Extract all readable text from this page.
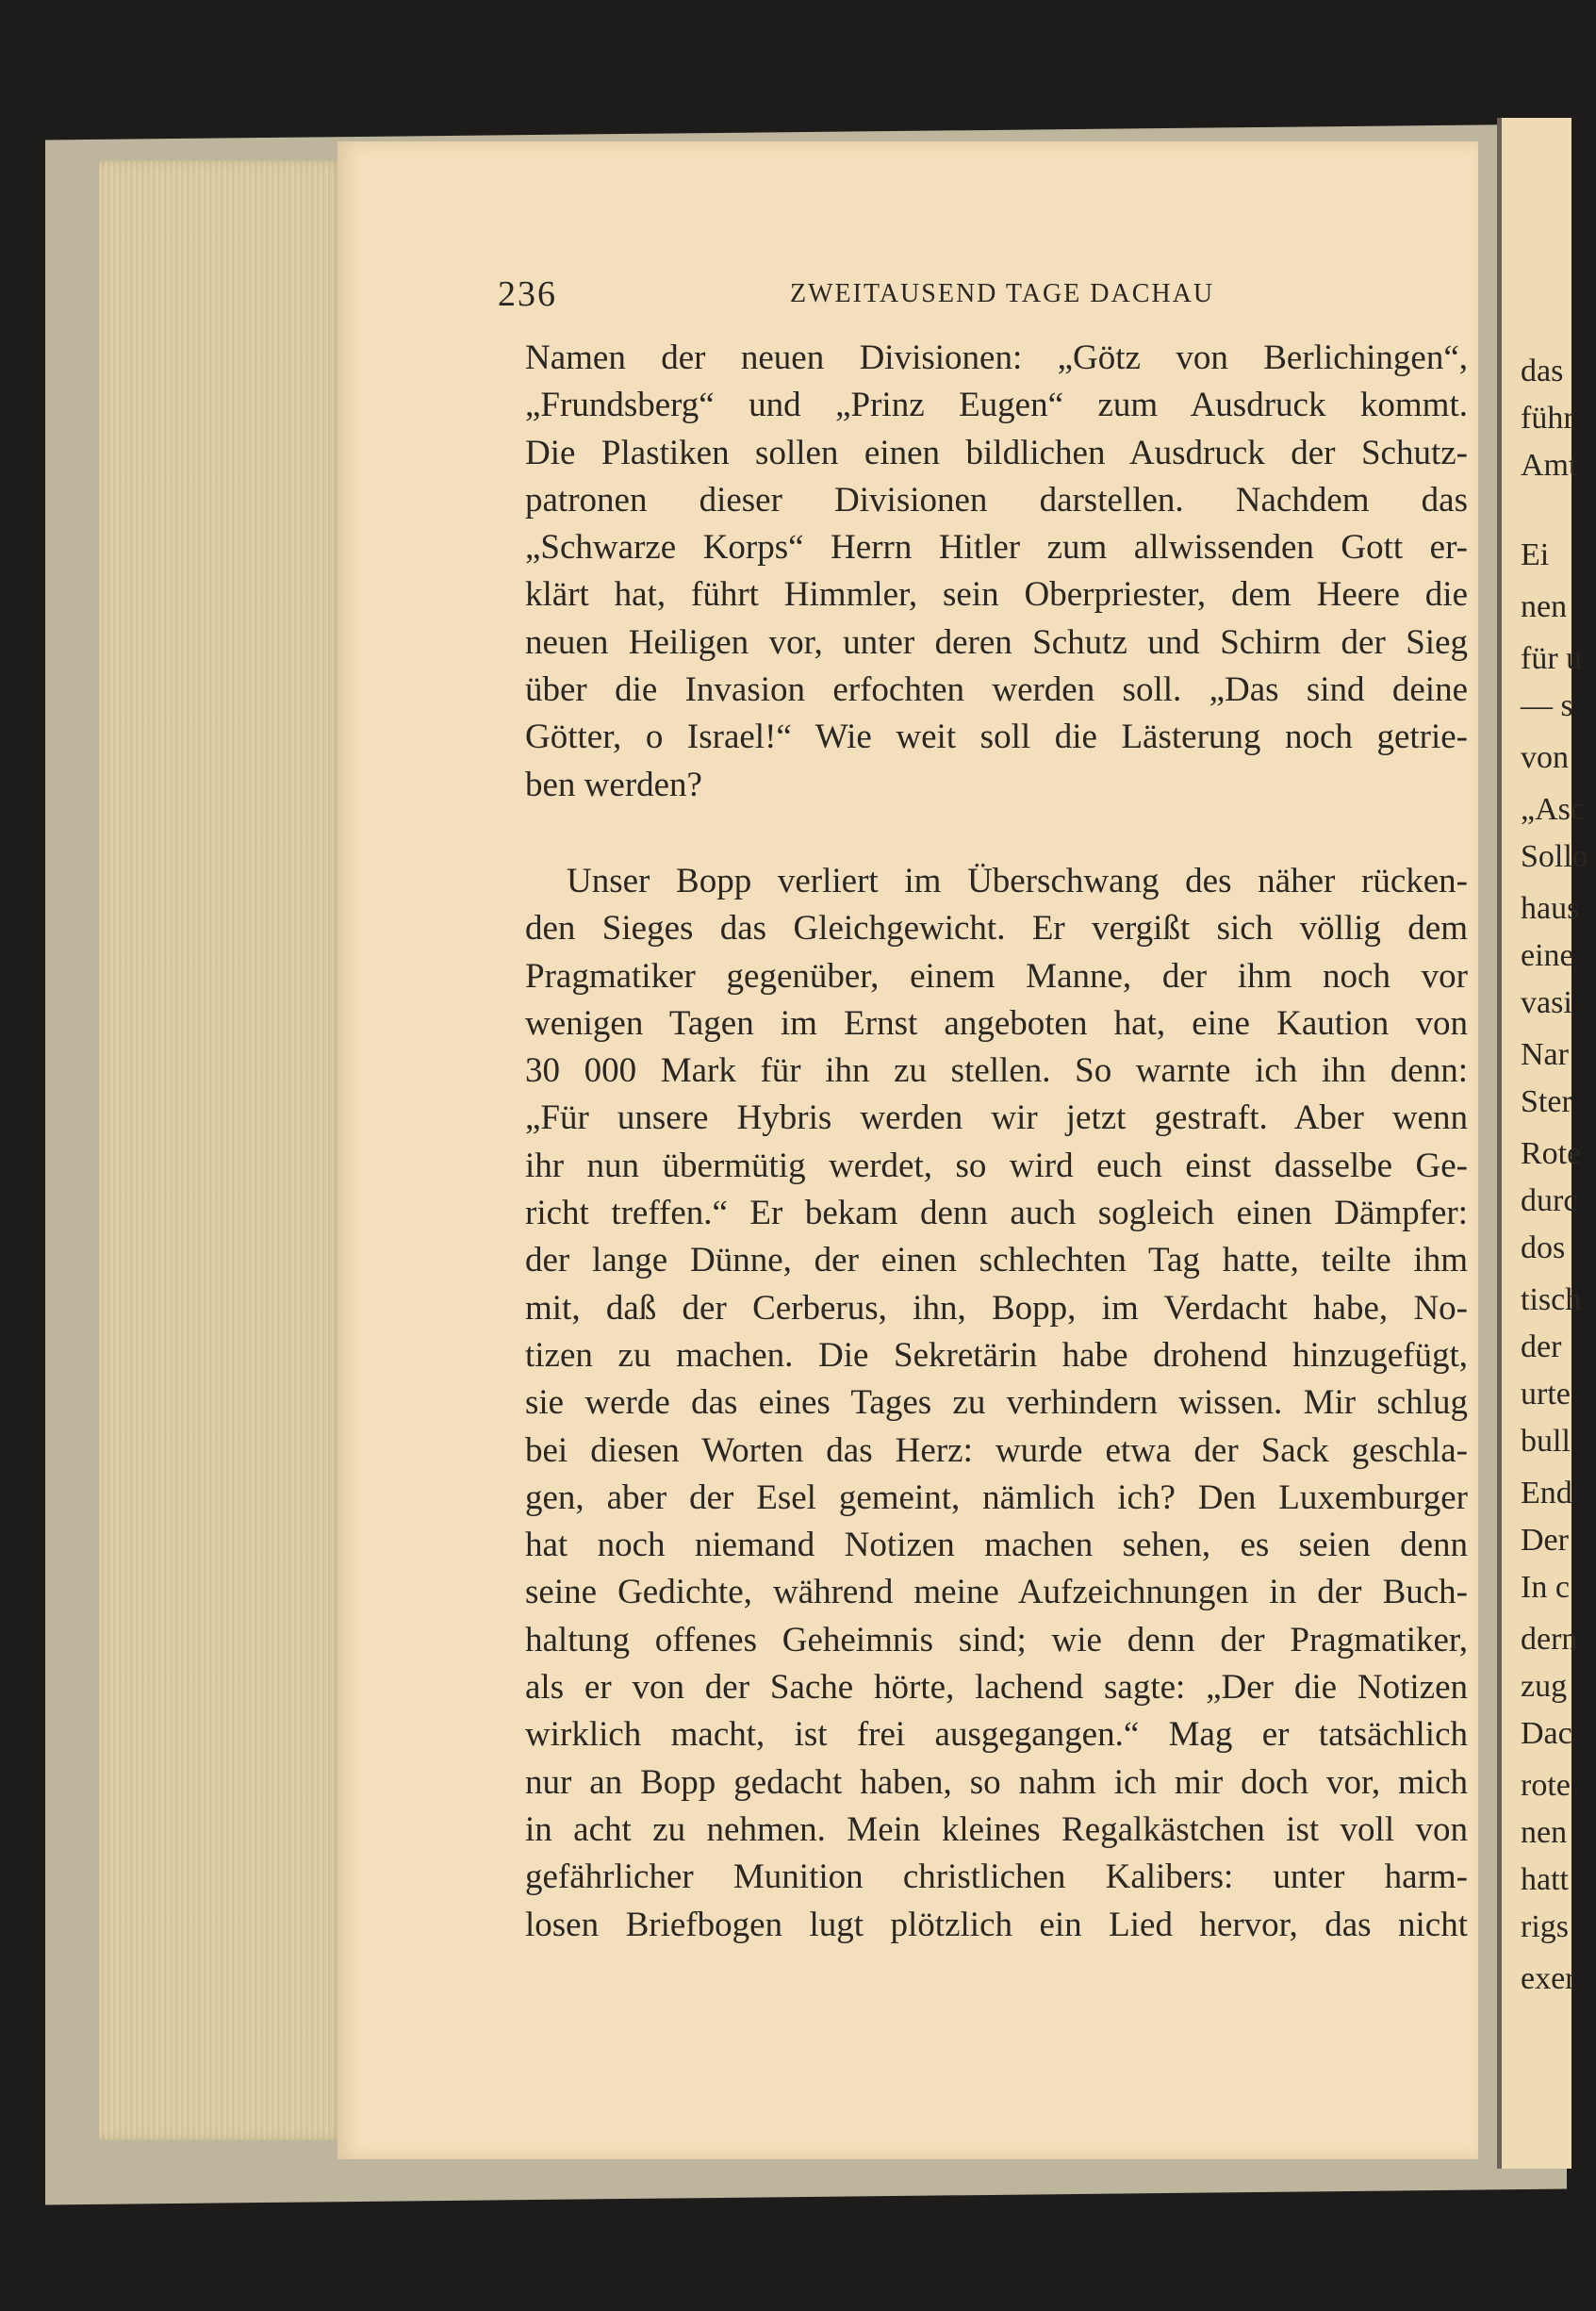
das
führ
Amt
Ei
nen
für u
— s
von
„Asc
Sollo
haus
eine
vasi
Nar
Ster
Rote
durc
dos
tisch
der
urte
bull
End
Der
In c
dern
zug
Dac
rote
nen
hatt
rigs
exer
236	ZWEITAUSEND TAGE DACHAU
Namen der neuen Divisionen: „Götz von Berlichingen“,
„Frundsberg“ und „Prinz Eugen“ zum Ausdruck kommt.
Die Plastiken sollen einen bildlichen Ausdruck der Schutz-
patronen dieser Divisionen darstellen. Nachdem das
„Schwarze Korps“ Herrn Hitler zum allwissenden Gott er-
klärt hat, führt Himmler, sein Oberpriester, dem Heere die
neuen Heiligen vor, unter deren Schutz und Schirm der Sieg
über die Invasion erfochten werden soll. „Das sind deine
Götter, o Israel!“ Wie weit soll die Lästerung noch getrie-
ben werden?
Unser Bopp verliert im Überschwang des näher rücken-
den Sieges das Gleichgewicht. Er vergißt sich völlig dem
Pragmatiker gegenüber, einem Manne, der ihm noch vor
wenigen Tagen im Ernst angeboten hat, eine Kaution von
30 000 Mark für ihn zu stellen. So warnte ich ihn denn:
„Für unsere Hybris werden wir jetzt gestraft. Aber wenn
ihr nun übermütig werdet, so wird euch einst dasselbe Ge-
richt treffen.“ Er bekam denn auch sogleich einen Dämpfer:
der lange Dünne, der einen schlechten Tag hatte, teilte ihm
mit, daß der Cerberus, ihn, Bopp, im Verdacht habe, No-
tizen zu machen. Die Sekretärin habe drohend hinzugefügt,
sie werde das eines Tages zu verhindern wissen. Mir schlug
bei diesen Worten das Herz: wurde etwa der Sack geschla-
gen, aber der Esel gemeint, nämlich ich? Den Luxemburger
hat noch niemand Notizen machen sehen, es seien denn
seine Gedichte, während meine Aufzeichnungen in der Buch-
haltung offenes Geheimnis sind; wie denn der Pragmatiker,
als er von der Sache hörte, lachend sagte: „Der die Notizen
wirklich macht, ist frei ausgegangen.“ Mag er tatsächlich
nur an Bopp gedacht haben, so nahm ich mir doch vor, mich
in acht zu nehmen. Mein kleines Regalkästchen ist voll von
gefährlicher Munition christlichen Kalibers: unter harm-
losen Briefbogen lugt plötzlich ein Lied hervor, das nicht
